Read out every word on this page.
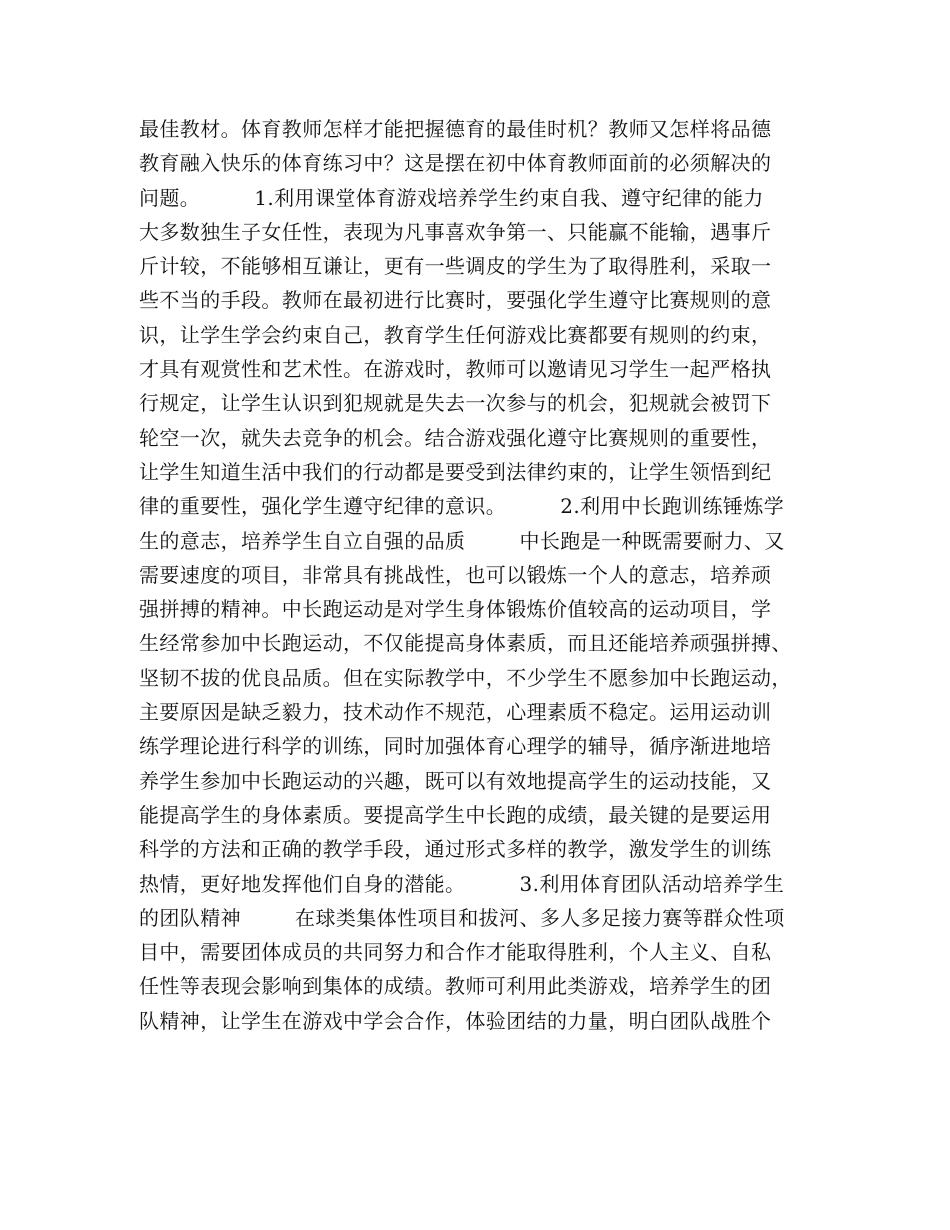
最佳教材。体育教师怎样才能把握德育的最佳时机？教师又怎样将品德
教育融入快乐的体育练习中？这是摆在初中体育教师面前的必须解决的
问题。        1.利用课堂体育游戏培养学生约束自我、遵守纪律的能力
大多数独生子女任性，表现为凡事喜欢争第一、只能赢不能输，遇事斤
斤计较，不能够相互谦让，更有一些调皮的学生为了取得胜利，采取一
些不当的手段。教师在最初进行比赛时，要强化学生遵守比赛规则的意
识，让学生学会约束自己，教育学生任何游戏比赛都要有规则的约束，
才具有观赏性和艺术性。在游戏时，教师可以邀请见习学生一起严格执
行规定，让学生认识到犯规就是失去一次参与的机会，犯规就会被罚下
轮空一次，就失去竞争的机会。结合游戏强化遵守比赛规则的重要性，
让学生知道生活中我们的行动都是要受到法律约束的，让学生领悟到纪
律的重要性，强化学生遵守纪律的意识。        2.利用中长跑训练锤炼学
生的意志，培养学生自立自强的品质        中长跑是一种既需要耐力、又
需要速度的项目，非常具有挑战性，也可以锻炼一个人的意志，培养顽
强拼搏的精神。中长跑运动是对学生身体锻炼价值较高的运动项目，学
生经常参加中长跑运动，不仅能提高身体素质，而且还能培养顽强拼搏、
坚韧不拔的优良品质。但在实际教学中，不少学生不愿参加中长跑运动，
主要原因是缺乏毅力，技术动作不规范，心理素质不稳定。运用运动训
练学理论进行科学的训练，同时加强体育心理学的辅导，循序渐进地培
养学生参加中长跑运动的兴趣，既可以有效地提高学生的运动技能，又
能提高学生的身体素质。要提高学生中长跑的成绩，最关键的是要运用
科学的方法和正确的教学手段，通过形式多样的教学，激发学生的训练
热情，更好地发挥他们自身的潜能。        3.利用体育团队活动培养学生
的团队精神        在球类集体性项目和拔河、多人多足接力赛等群众性项
目中，需要团体成员的共同努力和合作才能取得胜利，个人主义、自私
任性等表现会影响到集体的成绩。教师可利用此类游戏，培养学生的团
队精神，让学生在游戏中学会合作，体验团结的力量，明白团队战胜个
